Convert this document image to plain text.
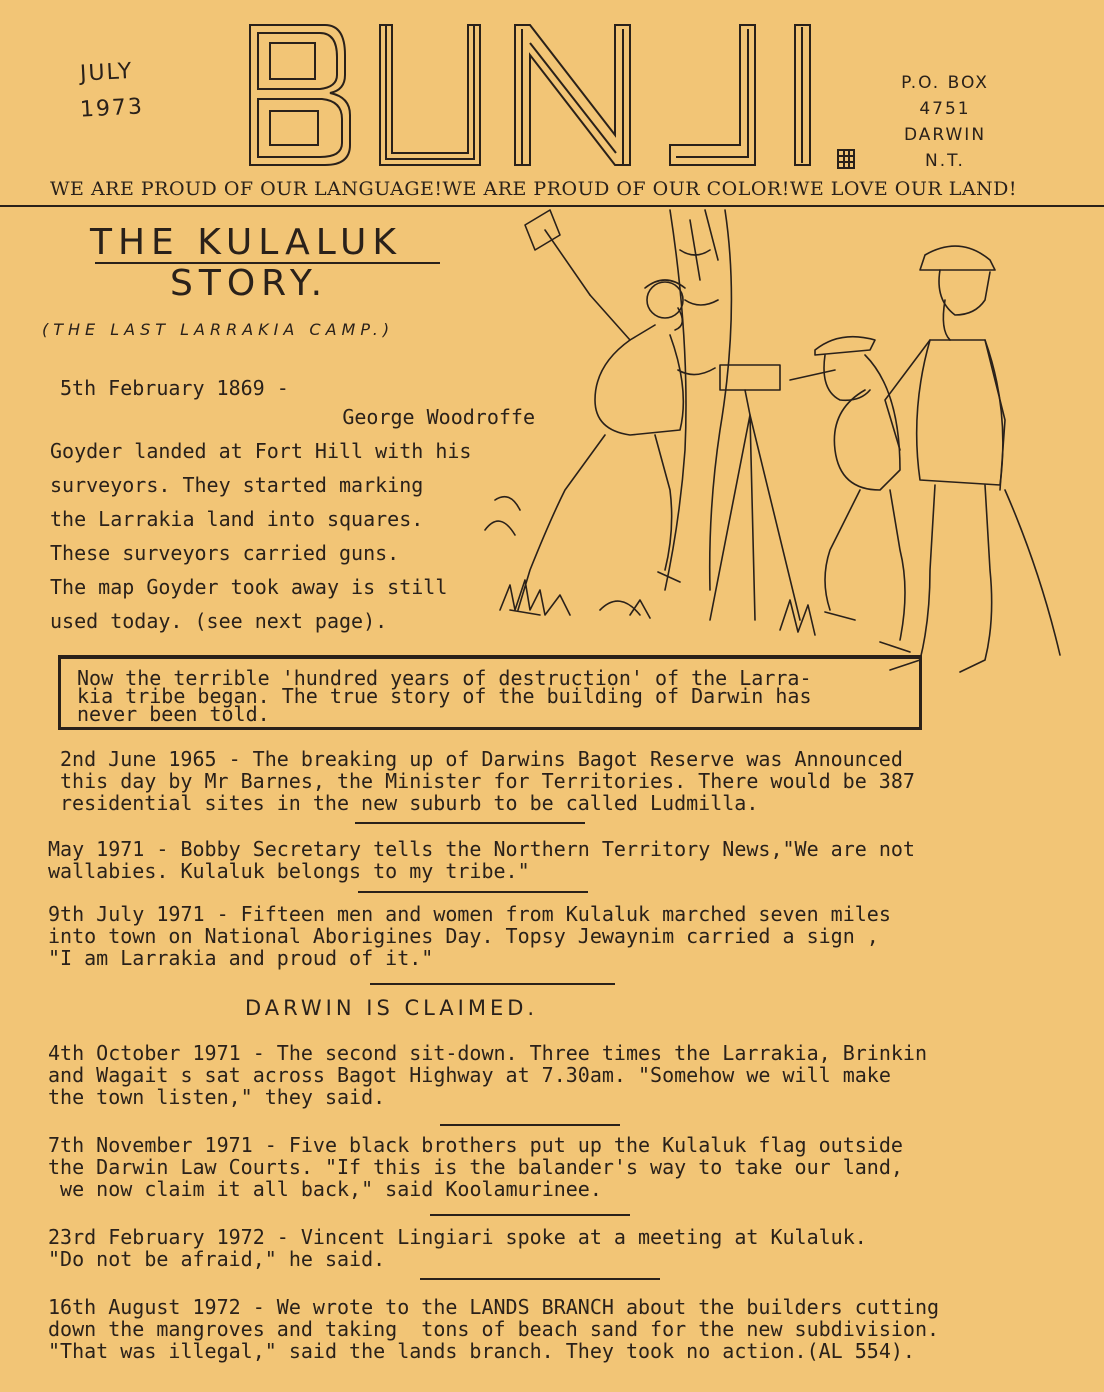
JULY
1973
P.O. BOX 4751
DARWIN
N.T.
WE ARE PROUD OF OUR LANGUAGE!WE ARE PROUD OF OUR COLOR!WE LOVE OUR LAND!
THE KULALUK
STORY.
(THE LAST LARRAKIA CAMP.)
5th February 1869 -
George Woodroffe
Goyder landed at Fort Hill with his
surveyors. They started marking
the Larrakia land into squares.
These surveyors carried guns.
The map Goyder took away is still
used today. (see next page).

Now the terrible 'hundred years of destruction' of the Larra-
kia tribe began. The true story of the building of Darwin has
never been told.

2nd June 1965 - The breaking up of Darwins Bagot Reserve was Announced
this day by Mr Barnes, the Minister for Territories. There would be 387
residential sites in the new suburb to be called Ludmilla.
May 1971 - Bobby Secretary tells the Northern Territory News,"We are not
wallabies. Kulaluk belongs to my tribe."
9th July 1971 - Fifteen men and women from Kulaluk marched seven miles
into town on National Aborigines Day. Topsy Jewaynim carried a sign ,
"I am Larrakia and proud of it."
DARWIN IS CLAIMED.
4th October 1971 - The second sit-down. Three times the Larrakia, Brinkin
and Wagait s sat across Bagot Highway at 7.30am. "Somehow we will make
the town listen," they said.
7th November 1971 - Five black brothers put up the Kulaluk flag outside
the Darwin Law Courts. "If this is the balander's way to take our land,
we now claim it all back," said Koolamurinee.
23rd February 1972 - Vincent Lingiari spoke at a meeting at Kulaluk.
"Do not be afraid," he said.
16th August 1972 - We wrote to the LANDS BRANCH about the builders cutting
down the mangroves and taking  tons of beach sand for the new subdivision.
"That was illegal," said the lands branch. They took no action.(AL 554).
